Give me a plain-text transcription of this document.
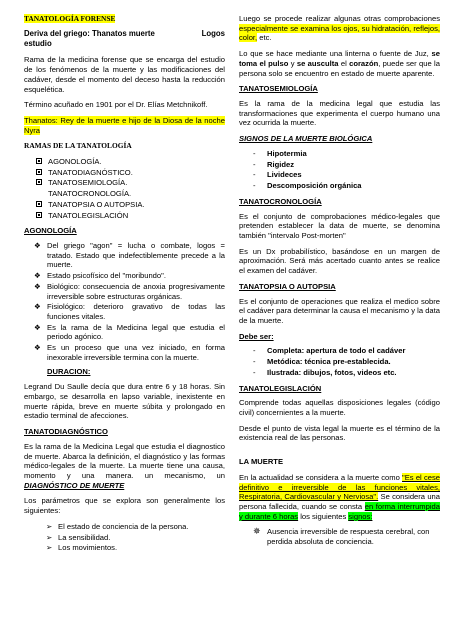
TANATOLOGÍA FORENSE
Deriva del griego: Thanatos muerte estudio
Logos

Rama de la medicina forense que se encarga del estudio de los fenómenos de la muerte y las modificaciones del cadáver, desde el momento del deceso hasta la reducción esquelética.

Término acuñado en 1901 por el Dr. Elías Metchnikoff.

Thanatos: Rey de la muerte e hijo de la Diosa de la noche Nyra

RAMAS DE LA TANATOLOGÍA
AGONOLOGÍA.
TANATODIAGNÓSTICO.
TANATOSEMIOLOGÍA.
TANATOCRONOLOGÍA.
TANATOPSIA O AUTOPSIA.
TANATOLEGISLACIÓN
AGONOLOGÍA
❖ Del griego "agon" = lucha o combate, logos = tratado. Estado que indefectiblemente precede a la muerte.
❖ Estado psicofísico del "moribundo".
❖ Biológico: consecuencia de anoxia progresivamente irreversible sobre estructuras orgánicas.
❖ Fisiológico: deterioro gravativo de todas las funciones vitales.
❖ Es la rama de la Medicina legal que estudia el periodo agónico.
❖ Es un proceso que una vez iniciado, en forma inexorable irreversible termina con la muerte.
DURACION:

Legrand Du Saulle decía que dura entre 6 y 18 horas. Sin embargo, se desarrolla en lapso variable, inexistente en muerte rápida, breve en muerte súbita y prolongado en estadio terminal de afecciones.

TANATODIAGNÓSTICO

Es la rama de la Medicina Legal que estudia el diagnostico de muerte. Abarca la definición, el diagnóstico y las formas médico-legales de la muerte. La muerte tiene una causa, momento y una manera. un mecanismo, un DIAGNÓSTICO DE MUERTE

Los parámetros que se explora son generalmente los siguientes:

➢ El estado de conciencia de la persona.
➢ La sensibilidad.
➢ Los movimientos.

Luego se procede realizar algunas otras comprobaciones especialmente se examina los ojos, su hidratación, reflejos, color, etc.

Lo que se hace mediante una linterna o fuente de Juz, se toma el pulso y se ausculta el corazón, puede ser que la persona solo se encuentro en estado de muerte aparente.

TANATOSEMIOLOGÍA

Es la rama de la medicina legal que estudia las transformaciones que experimenta el cuerpo humano una vez ocurrida la muerte.

SIGNOS DE LA MUERTE BIOLÓGICA
-	Hipotermia
-	Rigidez
-	Livideces
-	Descomposición orgánica
TANATOCRONOLOGÍA

Es el conjunto de comprobaciones médico-legales que pretenden establecer la data de muerte, se denomina también "intervalo Post-morten"

Es un Dx probabilístico, basándose en un margen de aproximación. Será más acertado cuanto antes se realice el examen del cadáver.

TANATOPSIA O AUTOPSIA

Es el conjunto de operaciones que realiza el medico sobre el cadáver para determinar la causa el mecanismo y la data de la muerte.

Debe ser:
-	Completa: apertura de todo el cadáver
-	Metódica: técnica pre-establecida.
-	Ilustrada: dibujos, fotos, videos etc.
TANATOLEGISLACIÓN

Comprende todas aquellas disposiciones legales (código civil) concernientes a la muerte.

Desde el punto de vista legal la muerte es el término de la existencia real de las personas.

LA MUERTE

En la actualidad se considera a la muerte como "Es el cese definitivo e irreversible de las funciones vitales, Respiratoria, Cardiovascular y Nerviosa". Se considera una persona fallecida, cuando se consta en forma interrumpida y durante 6 horas los siguientes signos:

✵ Ausencia irreversible de respuesta cerebral, con perdida absoluta de conciencia.
